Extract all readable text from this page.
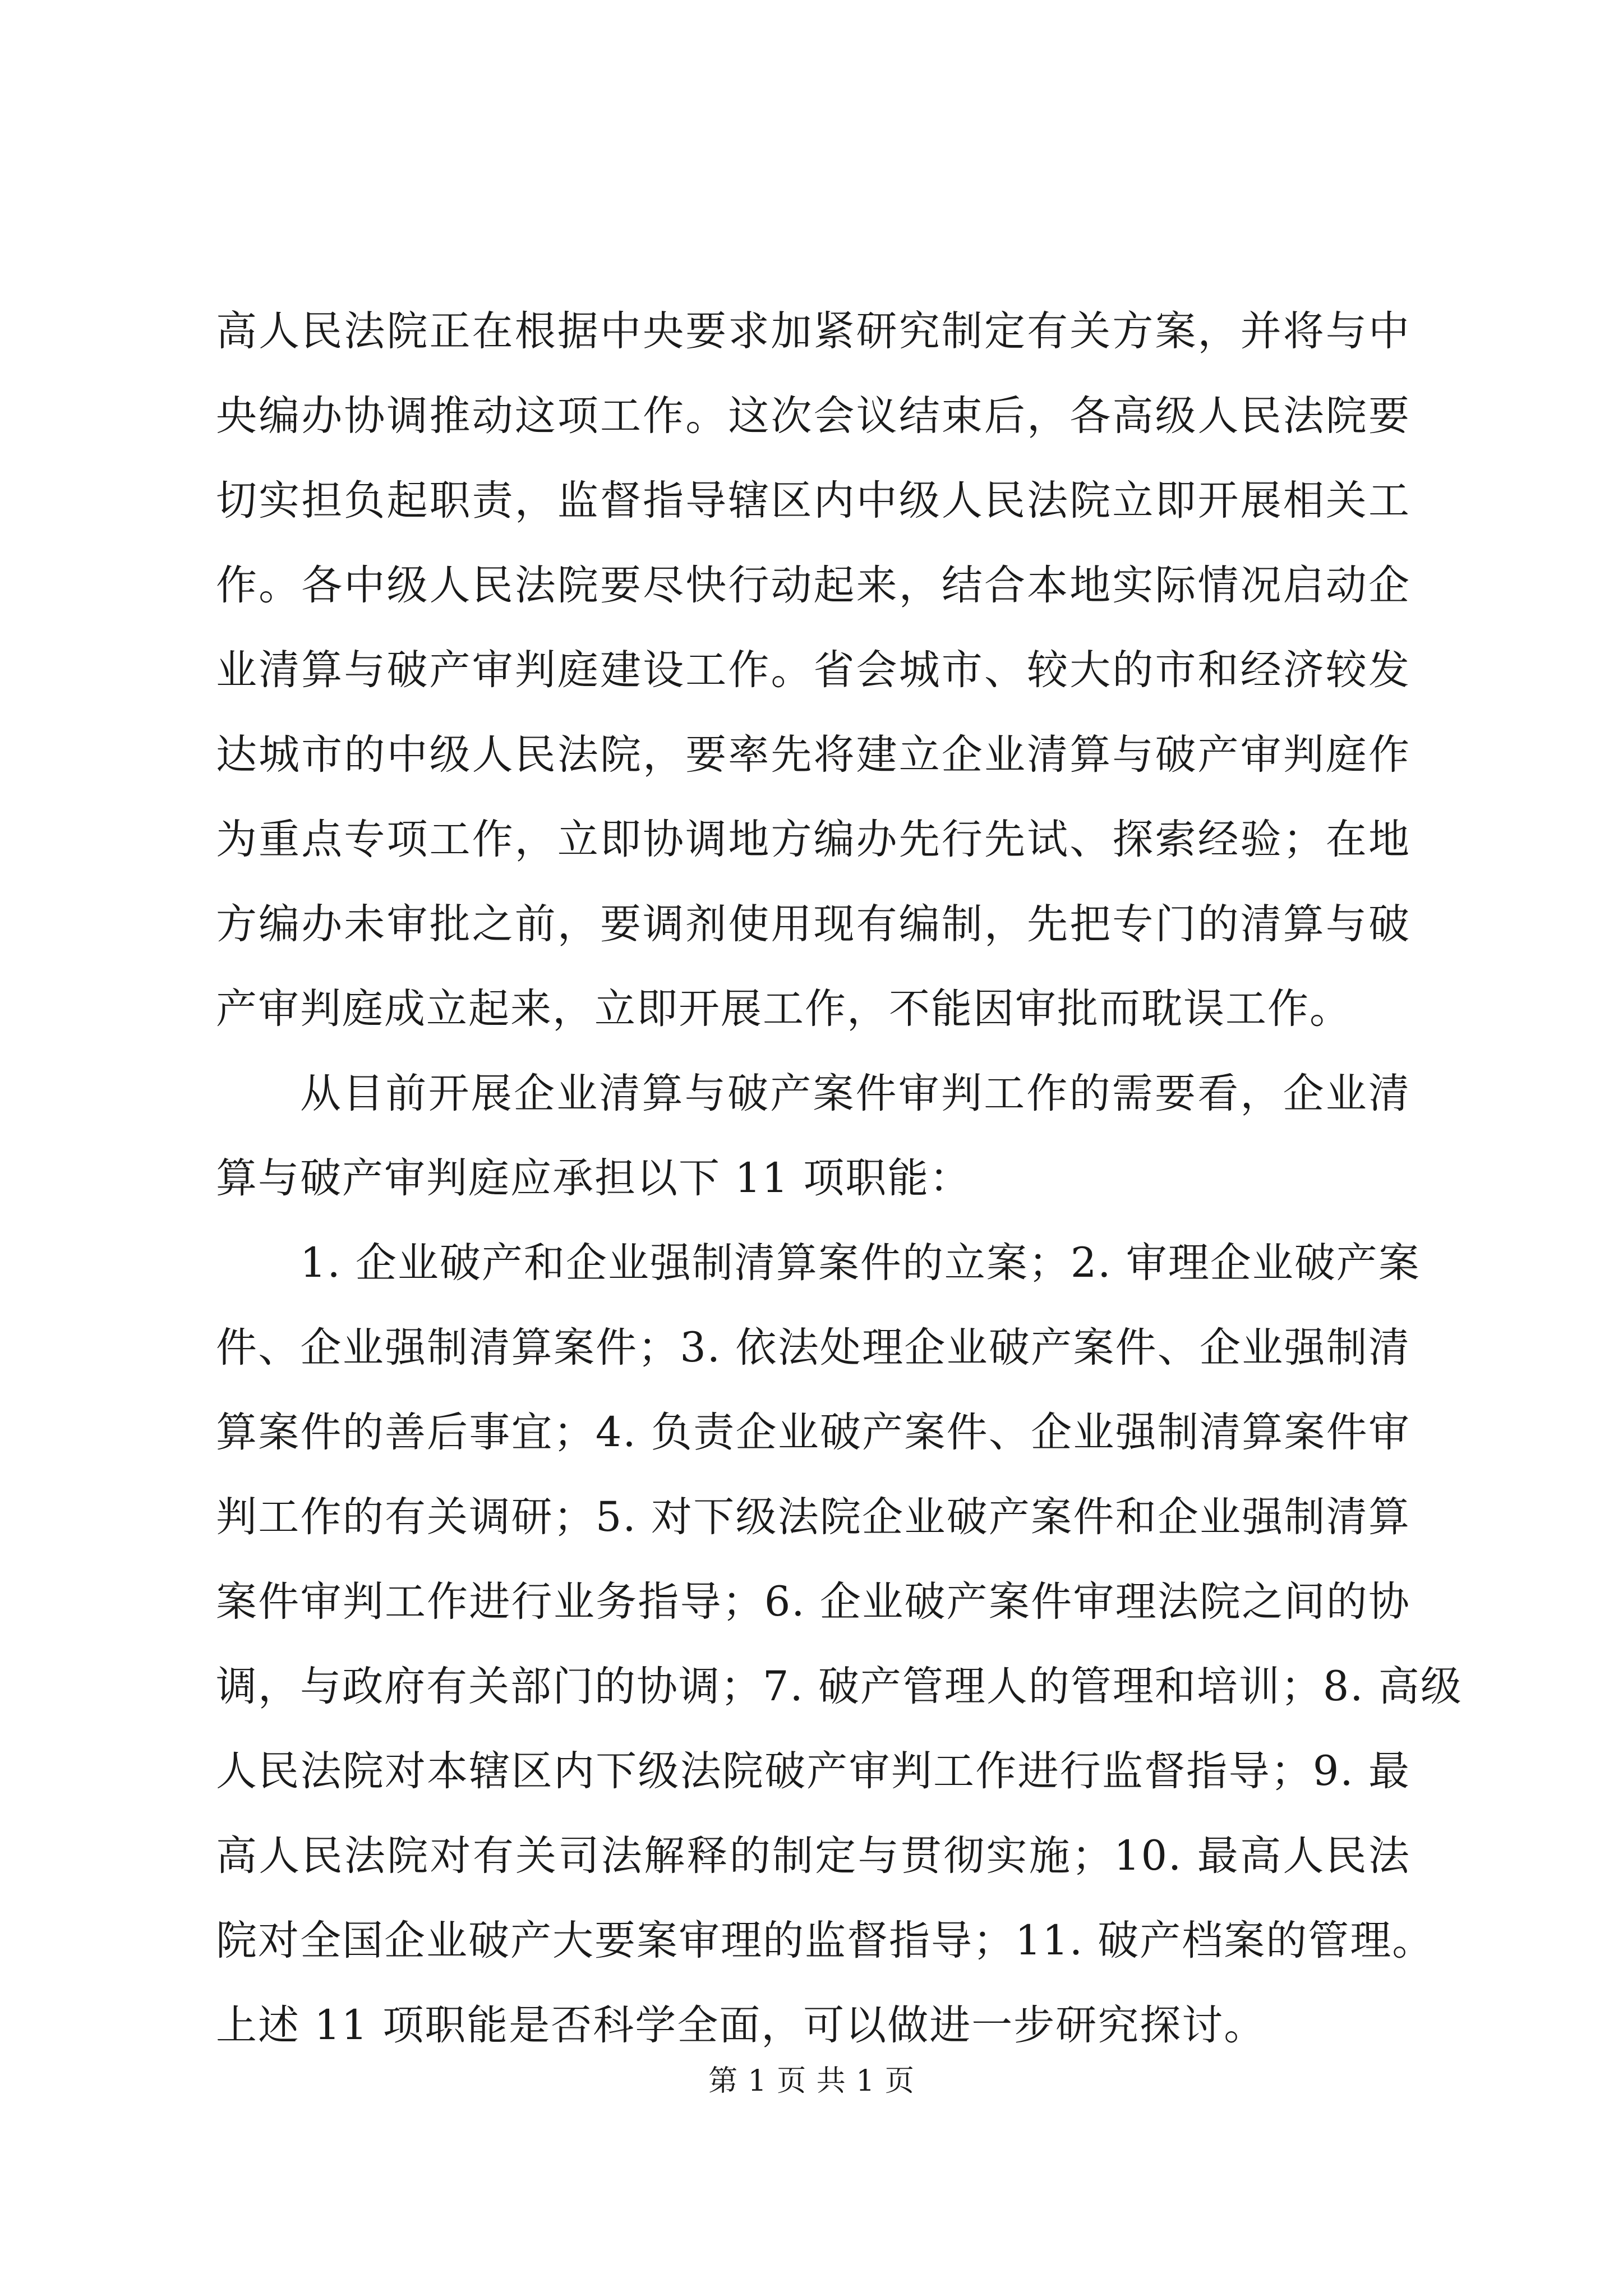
高人民法院正在根据中央要求加紧研究制定有关方案，并将与中
央编办协调推动这项工作。这次会议结束后，各高级人民法院要
切实担负起职责，监督指导辖区内中级人民法院立即开展相关工
作。各中级人民法院要尽快行动起来，结合本地实际情况启动企
业清算与破产审判庭建设工作。省会城市、较大的市和经济较发
达城市的中级人民法院，要率先将建立企业清算与破产审判庭作
为重点专项工作，立即协调地方编办先行先试、探索经验；在地
方编办未审批之前，要调剂使用现有编制，先把专门的清算与破
产审判庭成立起来，立即开展工作，不能因审批而耽误工作。
从目前开展企业清算与破产案件审判工作的需要看，企业清
算与破产审判庭应承担以下 11 项职能：
1. 企业破产和企业强制清算案件的立案；2. 审理企业破产案
件、企业强制清算案件；3. 依法处理企业破产案件、企业强制清
算案件的善后事宜；4. 负责企业破产案件、企业强制清算案件审
判工作的有关调研；5. 对下级法院企业破产案件和企业强制清算
案件审判工作进行业务指导；6. 企业破产案件审理法院之间的协
调，与政府有关部门的协调；7. 破产管理人的管理和培训；8. 高级
人民法院对本辖区内下级法院破产审判工作进行监督指导；9. 最
高人民法院对有关司法解释的制定与贯彻实施；10. 最高人民法
院对全国企业破产大要案审理的监督指导；11. 破产档案的管理。
上述 11 项职能是否科学全面，可以做进一步研究探讨。
第 1 页 共 1 页
